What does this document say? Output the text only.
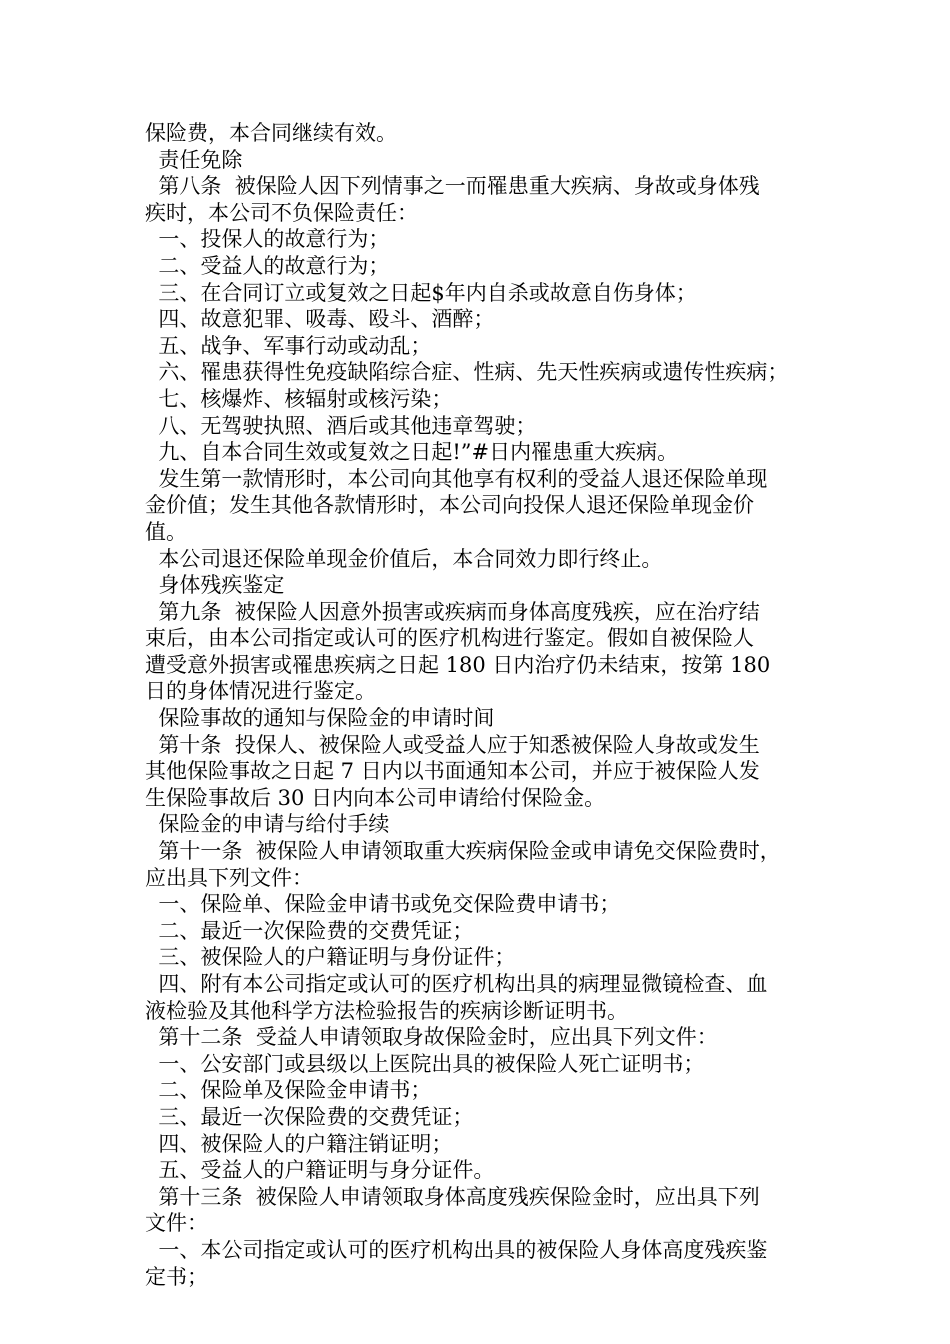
保险费，本合同继续有效。

责任免除

第八条  被保险人因下列情事之一而罹患重大疾病、身故或身体残

疾时，本公司不负保险责任：

一、投保人的故意行为；

二、受益人的故意行为；

三、在合同订立或复效之日起$年内自杀或故意自伤身体；

四、故意犯罪、吸毒、殴斗、酒醉；

五、战争、军事行动或动乱；

六、罹患获得性免疫缺陷综合症、性病、先天性疾病或遗传性疾病；

七、核爆炸、核辐射或核污染；

八、无驾驶执照、酒后或其他违章驾驶；

九、自本合同生效或复效之日起!”#日内罹患重大疾病。

发生第一款情形时，本公司向其他享有权利的受益人退还保险单现

金价值；发生其他各款情形时，本公司向投保人退还保险单现金价

值。

本公司退还保险单现金价值后，本合同效力即行终止。

身体残疾鉴定

第九条  被保险人因意外损害或疾病而身体高度残疾，应在治疗结

束后，由本公司指定或认可的医疗机构进行鉴定。假如自被保险人

遭受意外损害或罹患疾病之日起 180 日内治疗仍未结束，按第 180

日的身体情况进行鉴定。

保险事故的通知与保险金的申请时间

第十条  投保人、被保险人或受益人应于知悉被保险人身故或发生

其他保险事故之日起 7 日内以书面通知本公司，并应于被保险人发

生保险事故后 30 日内向本公司申请给付保险金。

保险金的申请与给付手续

第十一条  被保险人申请领取重大疾病保险金或申请免交保险费时，

应出具下列文件：

一、保险单、保险金申请书或免交保险费申请书；

二、最近一次保险费的交费凭证；

三、被保险人的户籍证明与身份证件；

四、附有本公司指定或认可的医疗机构出具的病理显微镜检查、血

液检验及其他科学方法检验报告的疾病诊断证明书。

第十二条  受益人申请领取身故保险金时，应出具下列文件：

一、公安部门或县级以上医院出具的被保险人死亡证明书；

二、保险单及保险金申请书；

三、最近一次保险费的交费凭证；

四、被保险人的户籍注销证明；

五、受益人的户籍证明与身分证件。

第十三条  被保险人申请领取身体高度残疾保险金时，应出具下列

文件：

一、本公司指定或认可的医疗机构出具的被保险人身体高度残疾鉴

定书；
